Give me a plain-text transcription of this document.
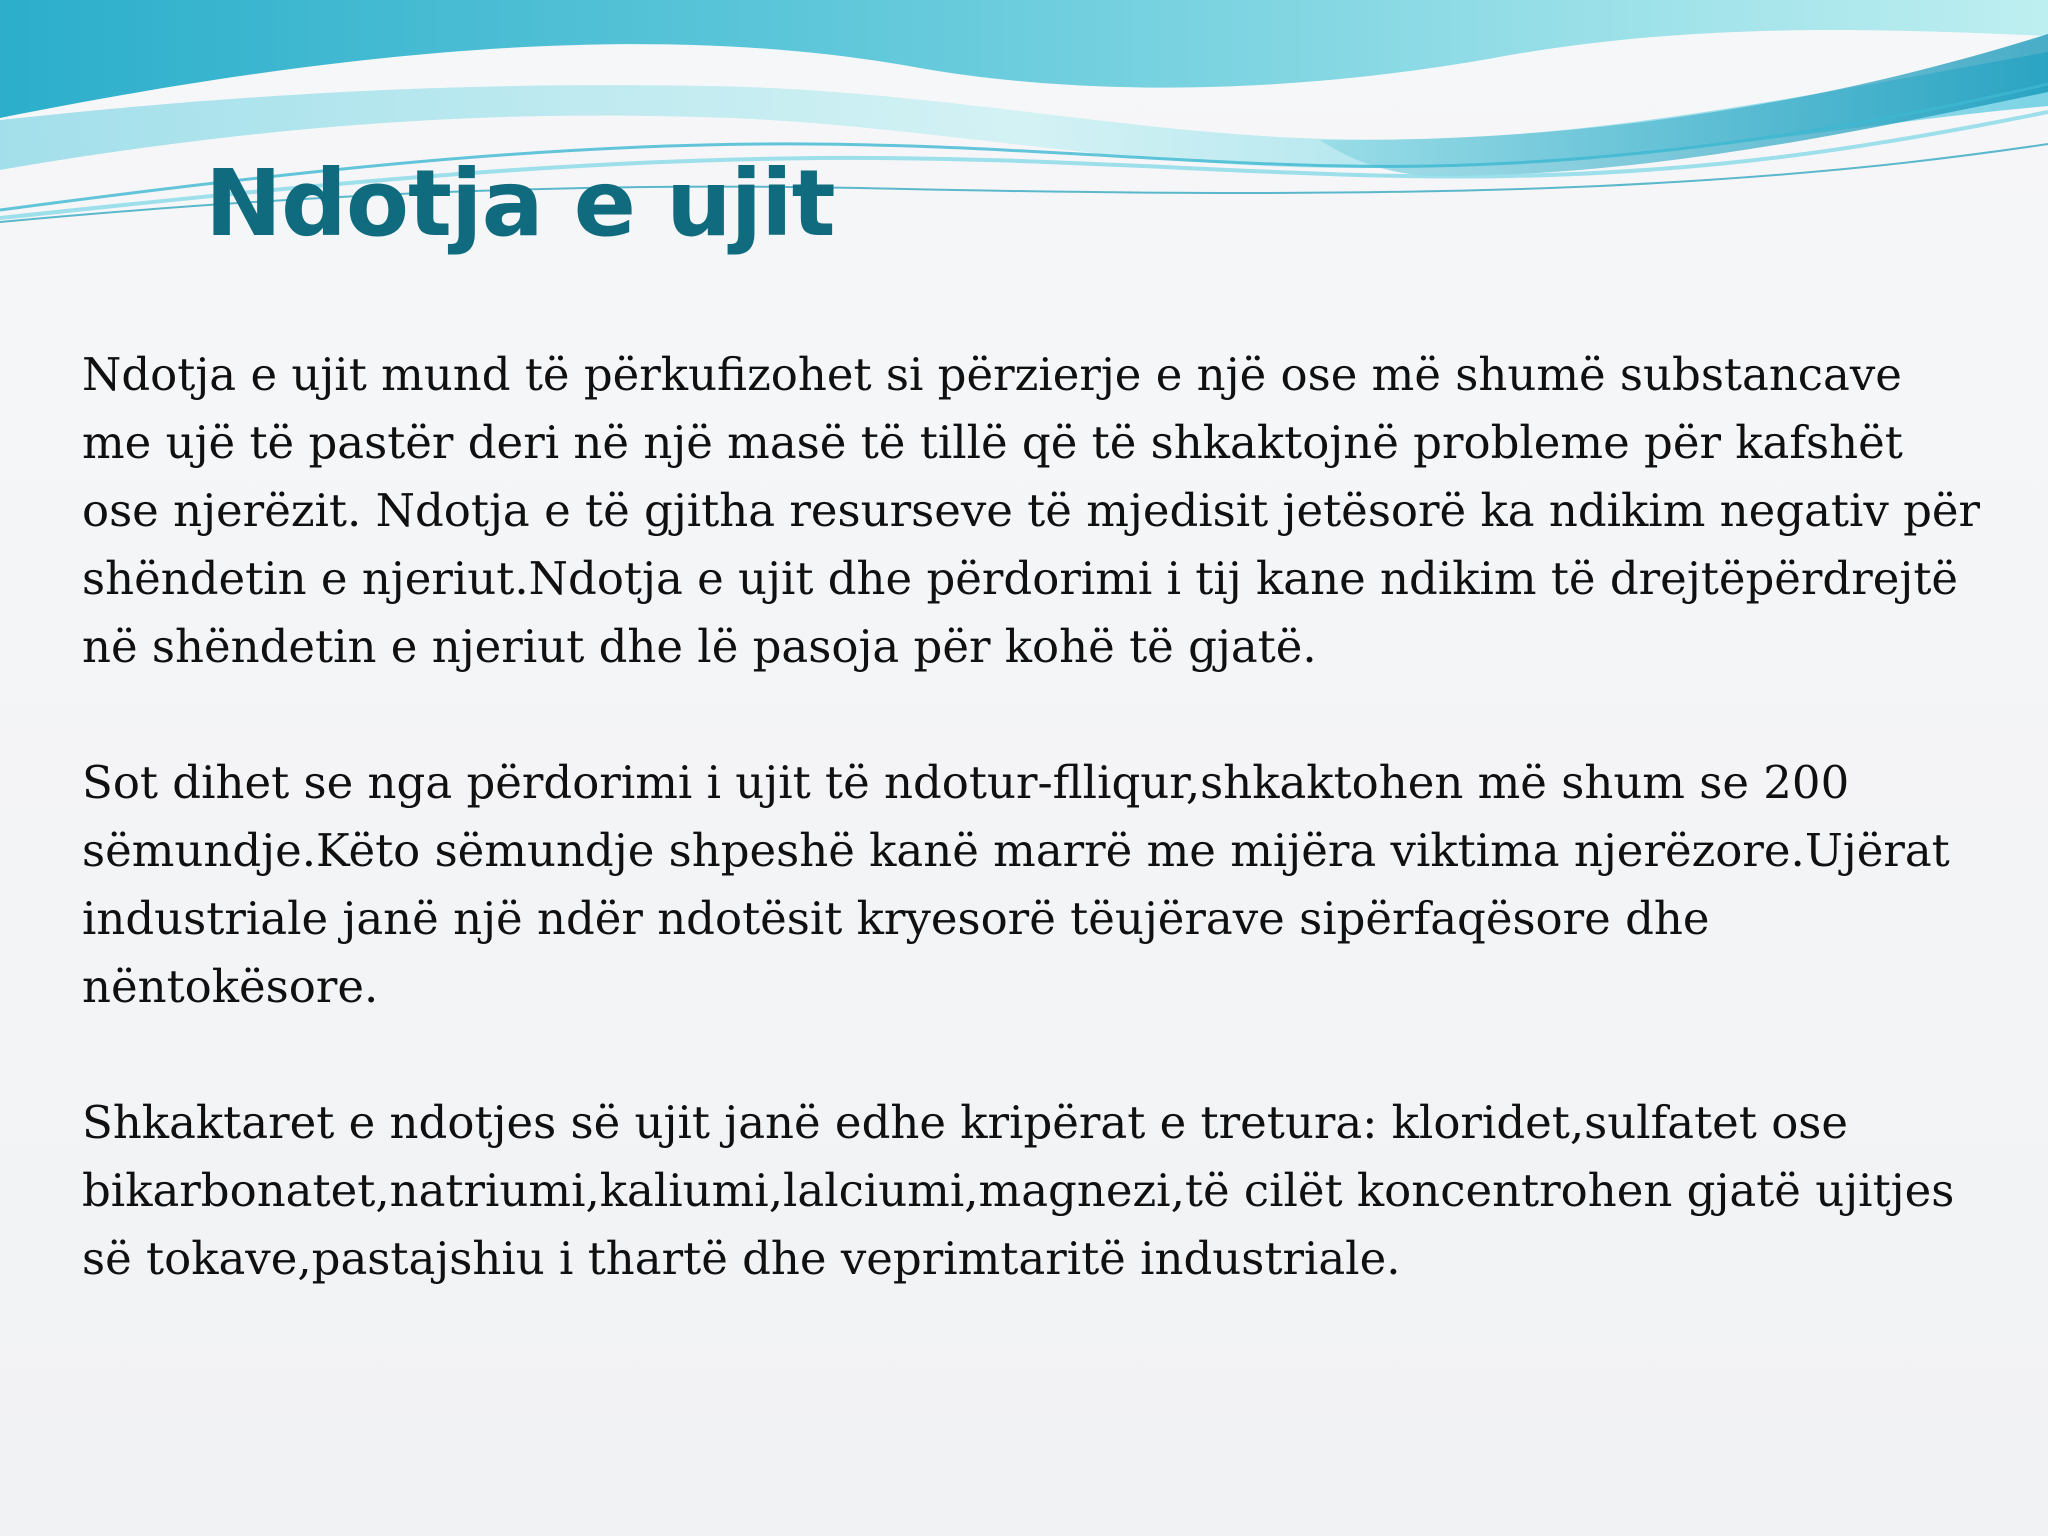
Ndotja e ujit

Ndotja e ujit mund të përkufizohet si përzierje e një ose më shumë substancave me ujë të pastër deri në një masë të tillë që të shkaktojnë probleme për kafshët ose njerëzit. Ndotja e të gjitha resurseve të mjedisit jetësorë ka ndikim negativ për shëndetin e njeriut.Ndotja e ujit dhe përdorimi i tij kane ndikim të drejtëpërdrejtë në shëndetin e njeriut dhe lë pasoja për kohë të gjatë.

Sot dihet se nga përdorimi i ujit të ndotur-flliqur,shkaktohen më shum se 200 sëmundje.Këto sëmundje shpeshë kanë marrë me mijëra viktima njerëzore.Ujërat industriale janë një ndër ndotësit kryesorë tëujërave sipërfaqësore dhe nëntokësore.

Shkaktaret e ndotjes së ujit janë edhe kripërat e tretura: kloridet,sulfatet ose bikarbonatet,natriumi,kaliumi,lalciumi,magnezi,të cilët koncentrohen gjatë ujitjes së tokave,pastajshiu i thartë dhe veprimtaritë industriale.
